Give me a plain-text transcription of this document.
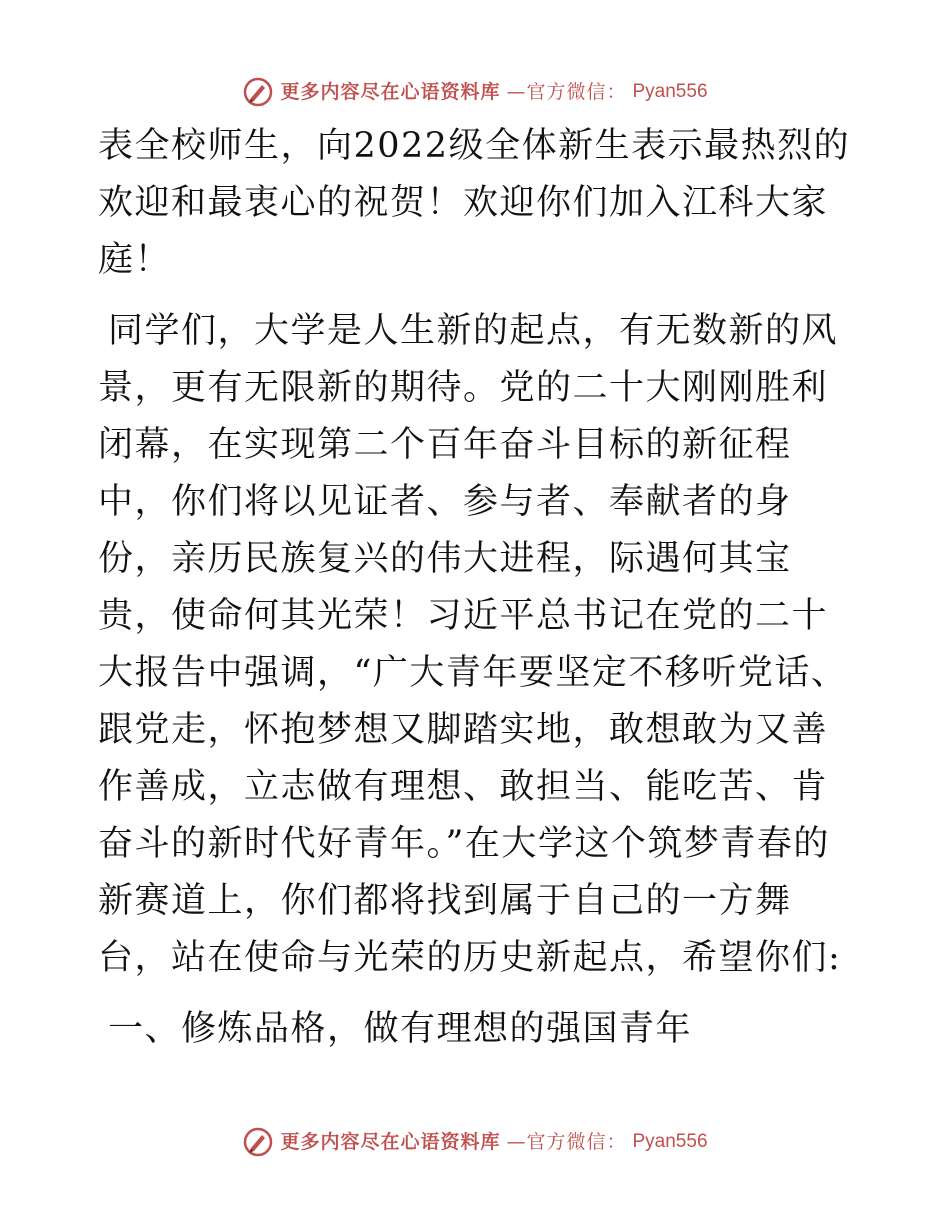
更多内容尽在心语资料库 —官方微信： Pyan556

表全校师生，向2022级全体新生表示最热烈的欢迎和最衷心的祝贺！欢迎你们加入江科大家庭！

同学们，大学是人生新的起点，有无数新的风景，更有无限新的期待。党的二十大刚刚胜利闭幕，在实现第二个百年奋斗目标的新征程中，你们将以见证者、参与者、奉献者的身份，亲历民族复兴的伟大进程，际遇何其宝贵，使命何其光荣！习近平总书记在党的二十大报告中强调，“广大青年要坚定不移听党话、跟党走，怀抱梦想又脚踏实地，敢想敢为又善作善成，立志做有理想、敢担当、能吃苦、肯奋斗的新时代好青年。”在大学这个筑梦青春的新赛道上，你们都将找到属于自己的一方舞台，站在使命与光荣的历史新起点，希望你们:

一、修炼品格，做有理想的强国青年

更多内容尽在心语资料库 —官方微信： Pyan556
